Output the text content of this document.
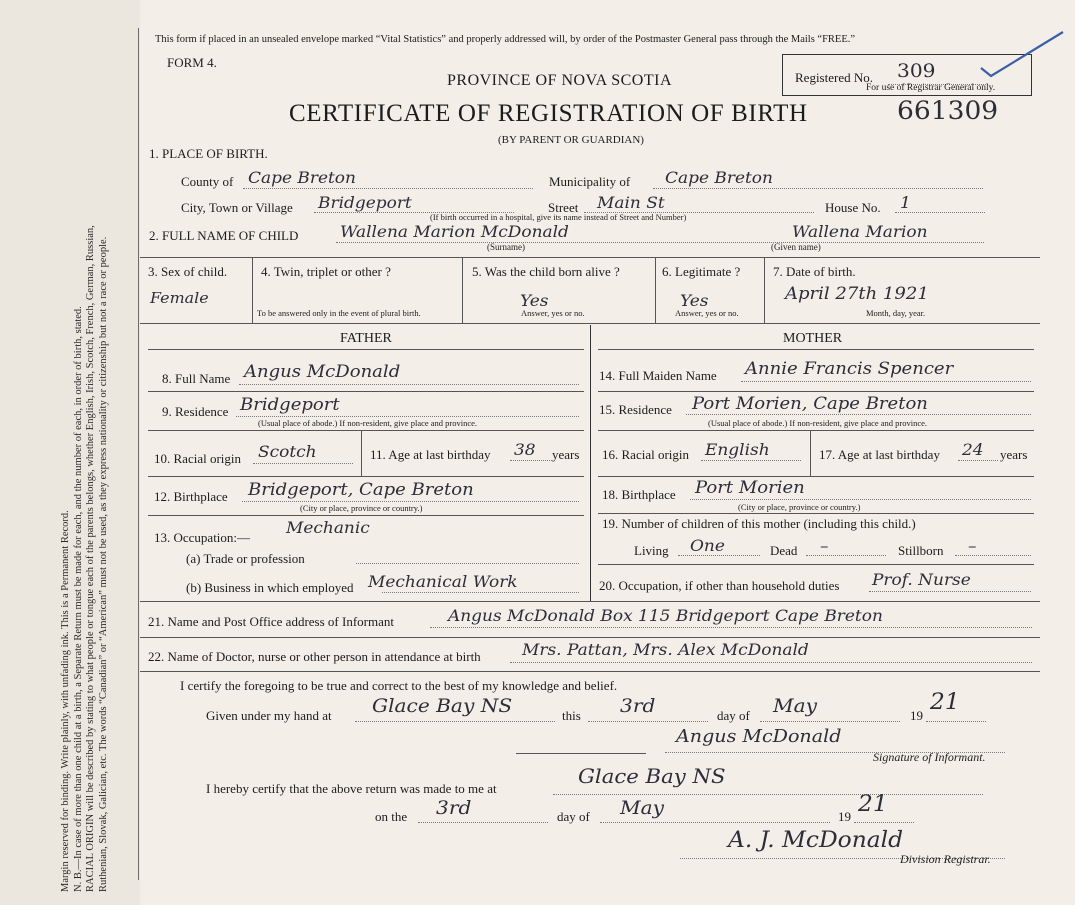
Margin reserved for binding. Write plainly, with unfading ink. This is a Permanent Record. N. B.—In case of more than one child at a birth, a Separate Return must be made for each, and the number of each, in order of birth, stated. RACIAL ORIGIN will be described by stating to what people or tongue each of the parents belongs, whether English, Irish, Scotch, French, German, Russian, Ruthenian, Slovak, Galician, etc. The words “Canadian” or “American” must not be used, as they express nationality or citizenship but not a race or people.
This form if placed in an unsealed envelope marked “Vital Statistics” and properly addressed will, by order of the Postmaster General pass through the Mails “FREE.”
FORM 4.
PROVINCE OF NOVA SCOTIA
CERTIFICATE OF REGISTRATION OF BIRTH
(BY PARENT OR GUARDIAN)
Registered No. 309
For use of Registrar General only.
661309
1. PLACE OF BIRTH.
County of Cape Breton	Municipality of Cape Breton
City, Town or Village Bridgeport	Street Main St	House No. 1
(If birth occurred in a hospital, give its name instead of Street and Number)
2. FULL NAME OF CHILD	Wallena Marion McDonald	Wallena Marion
(Surname)	(Given name)
3. Sex of child.
Female
4. Twin, triplet or other ?
To be answered only in the event of plural birth.
5. Was the child born alive ?
Yes
Answer, yes or no.
6. Legitimate ?
Yes
Answer, yes or no.
7. Date of birth.
April 27th 1921
Month, day, year.
FATHER	MOTHER
8. Full Name Angus McDonald
9. Residence Bridgeport
(Usual place of abode.) If non-resident, give place and province.
10. Racial origin Scotch	11. Age at last birthday 38 years
12. Birthplace Bridgeport, Cape Breton
(City or place, province or country.)
13. Occupation:—
Mechanic
(a) Trade or profession
(b) Business in which employed Mechanical Work
14. Full Maiden Name Annie Francis Spencer
15. Residence Port Morien, Cape Breton
(Usual place of abode.) If non-resident, give place and province.
16. Racial origin English	17. Age at last birthday 24 years
18. Birthplace Port Morien
(City or place, province or country.)
19. Number of children of this mother (including this child.)
Living One	Dead –	Stillborn –
20. Occupation, if other than household duties Prof. Nurse
21. Name and Post Office address of Informant	Angus McDonald Box 115 Bridgeport Cape Breton
22. Name of Doctor, nurse or other person in attendance at birth	Mrs. Pattan, Mrs. Alex McDonald
I certify the foregoing to be true and correct to the best of my knowledge and belief.
Given under my hand at Glace Bay NS	this 3rd	day of May	19
21
Angus McDonald
Signature of Informant.
I hereby certify that the above return was made to me at
Glace Bay NS
on the 3rd	day of May	19 21
A. J. McDonald
Division Registrar.
